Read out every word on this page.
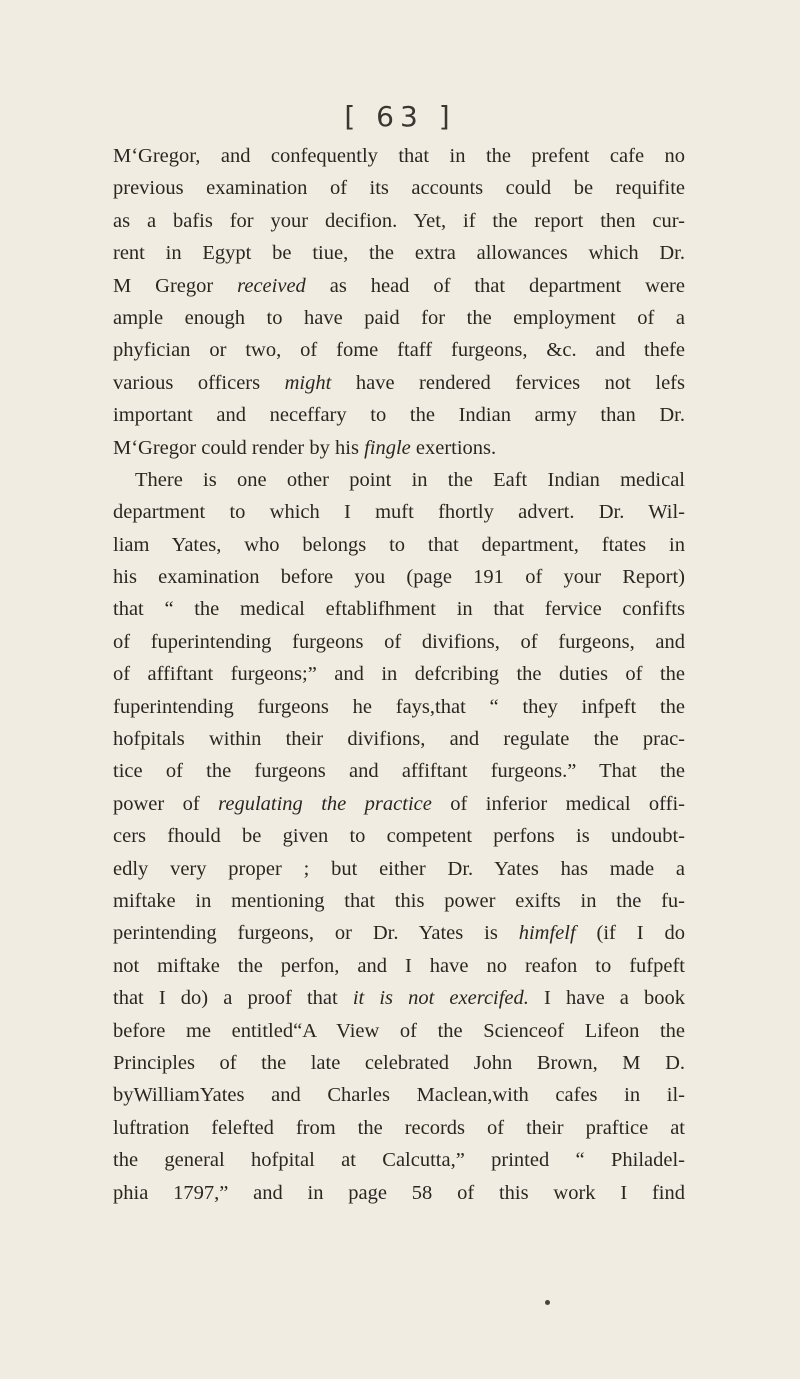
[ 63 ]
M‘Gregor, and confequently that in the prefent cafe no
previous examination of its accounts could be requifite
as a bafis for your decifion. Yet, if the report then cur-
rent in Egypt be tiue, the extra allowances which Dr.
M Gregor received as head of that department were
ample enough to have paid for the employment of a
phyfician or two, of fome ftaff furgeons, &c. and thefe
various officers might have rendered fervices not lefs
important and neceffary to the Indian army than Dr.
M‘Gregor could render by his fingle exertions.
There is one other point in the Eaft Indian medical
department to which I muft fhortly advert. Dr. Wil-
liam Yates, who belongs to that department, ftates in
his examination before you (page 191 of your Report)
that “ the medical eftablifhment in that fervice confifts
of fuperintending furgeons of divifions, of furgeons, and
of affiftant furgeons;” and in defcribing the duties of the
fuperintending furgeons he fays,that “ they infpeft the
hofpitals within their divifions, and regulate the prac-
tice of the furgeons and affiftant furgeons.” That the
power of regulating the practice of inferior medical offi-
cers fhould be given to competent perfons is undoubt-
edly very proper ; but either Dr. Yates has made a
miftake in mentioning that this power exifts in the fu-
perintending furgeons, or Dr. Yates is himfelf (if I do
not miftake the perfon, and I have no reafon to fufpeft
that I do) a proof that it is not exercifed. I have a book
before me entitled“A View of the Scienceof Lifeon the
Principles of the late celebrated John Brown, M D.
byWilliamYates and Charles Maclean,with cafes in il-
luftration felefted from the records of their praftice at
the general hofpital at Calcutta,” printed “ Philadel-
phia 1797,” and in page 58 of this work I find
